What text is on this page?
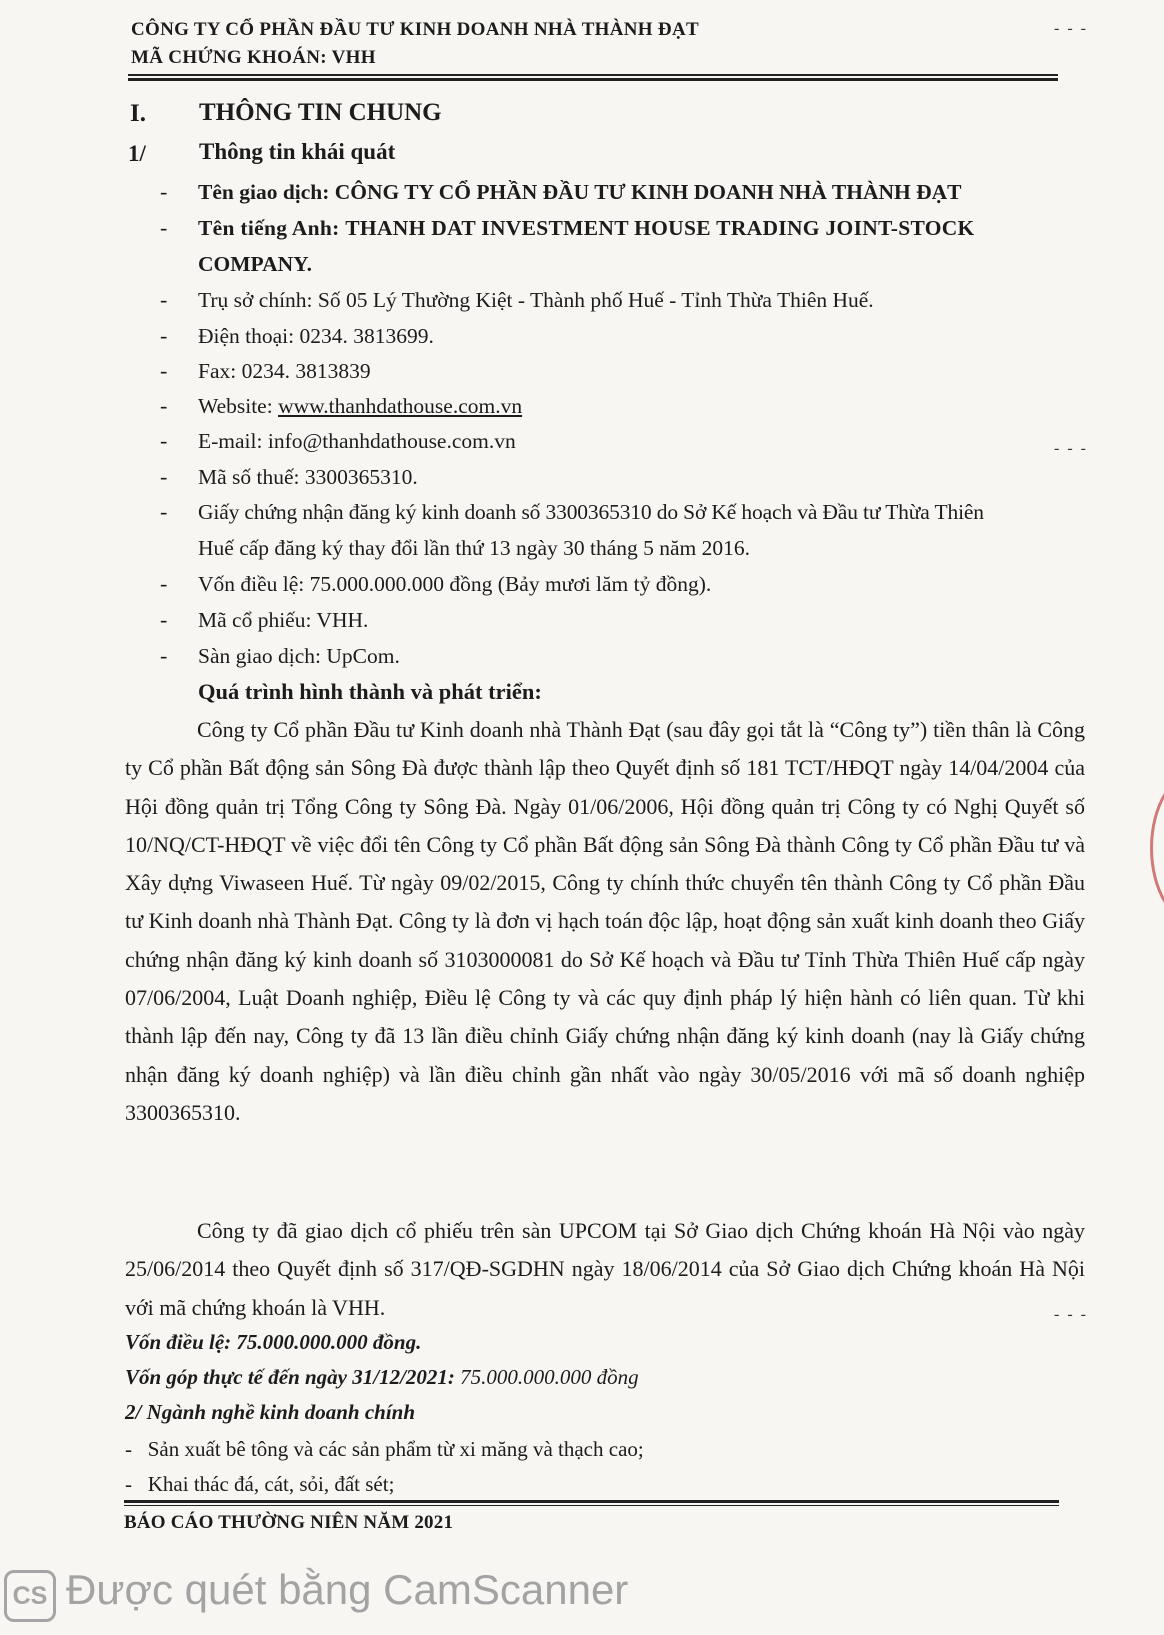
CÔNG TY CỔ PHẦN ĐẦU TƯ KINH DOANH NHÀ THÀNH ĐẠT
MÃ CHỨNG KHOÁN: VHH
- - -
I. THÔNG TIN CHUNG
1/ Thông tin khái quát
- Tên giao dịch: CÔNG TY CỔ PHẦN ĐẦU TƯ KINH DOANH NHÀ THÀNH ĐẠT
- Tên tiếng Anh: THANH DAT INVESTMENT HOUSE TRADING JOINT-STOCK
COMPANY.
- Trụ sở chính: Số 05 Lý Thường Kiệt - Thành phố Huế - Tỉnh Thừa Thiên Huế.
- Điện thoại: 0234. 3813699.
- Fax: 0234. 3813839
- Website: www.thanhdathouse.com.vn
- E-mail: info@thanhdathouse.com.vn	- - -
- Mã số thuế: 3300365310.
- Giấy chứng nhận đăng ký kinh doanh số 3300365310 do Sở Kế hoạch và Đầu tư Thừa Thiên
Huế cấp đăng ký thay đổi lần thứ 13 ngày 30 tháng 5 năm 2016.
- Vốn điều lệ: 75.000.000.000 đồng (Bảy mươi lăm tỷ đồng).
- Mã cổ phiếu: VHH.
- Sàn giao dịch: UpCom.
Quá trình hình thành và phát triển:
Công ty Cổ phần Đầu tư Kinh doanh nhà Thành Đạt (sau đây gọi tắt là “Công ty”) tiền thân là Công ty Cổ phần Bất động sản Sông Đà được thành lập theo Quyết định số 181 TCT/HĐQT ngày 14/04/2004 của Hội đồng quản trị Tổng Công ty Sông Đà. Ngày 01/06/2006, Hội đồng quản trị Công ty có Nghị Quyết số 10/NQ/CT-HĐQT về việc đổi tên Công ty Cổ phần Bất động sản Sông Đà thành Công ty Cổ phần Đầu tư và Xây dựng Viwaseen Huế. Từ ngày 09/02/2015, Công ty chính thức chuyển tên thành Công ty Cổ phần Đầu tư Kinh doanh nhà Thành Đạt. Công ty là đơn vị hạch toán độc lập, hoạt động sản xuất kinh doanh theo Giấy chứng nhận đăng ký kinh doanh số 3103000081 do Sở Kế hoạch và Đầu tư Tỉnh Thừa Thiên Huế cấp ngày 07/06/2004, Luật Doanh nghiệp, Điều lệ Công ty và các quy định pháp lý hiện hành có liên quan. Từ khi thành lập đến nay, Công ty đã 13 lần điều chỉnh Giấy chứng nhận đăng ký kinh doanh (nay là Giấy chứng nhận đăng ký doanh nghiệp) và lần điều chỉnh gần nhất vào ngày 30/05/2016 với mã số doanh nghiệp 3300365310.
Công ty đã giao dịch cổ phiếu trên sàn UPCOM tại Sở Giao dịch Chứng khoán Hà Nội vào ngày 25/06/2014 theo Quyết định số 317/QĐ-SGDHN ngày 18/06/2014 của Sở Giao dịch Chứng khoán Hà Nội với mã chứng khoán là VHH.	- - -
Vốn điều lệ: 75.000.000.000 đồng.
Vốn góp thực tế đến ngày 31/12/2021: 75.000.000.000 đồng
2/ Ngành nghề kinh doanh chính
-   Sản xuất bê tông và các sản phẩm từ xi măng và thạch cao;
-   Khai thác đá, cát, sỏi, đất sét;
BÁO CÁO THƯỜNG NIÊN NĂM 2021
CS Được quét bằng CamScanner
